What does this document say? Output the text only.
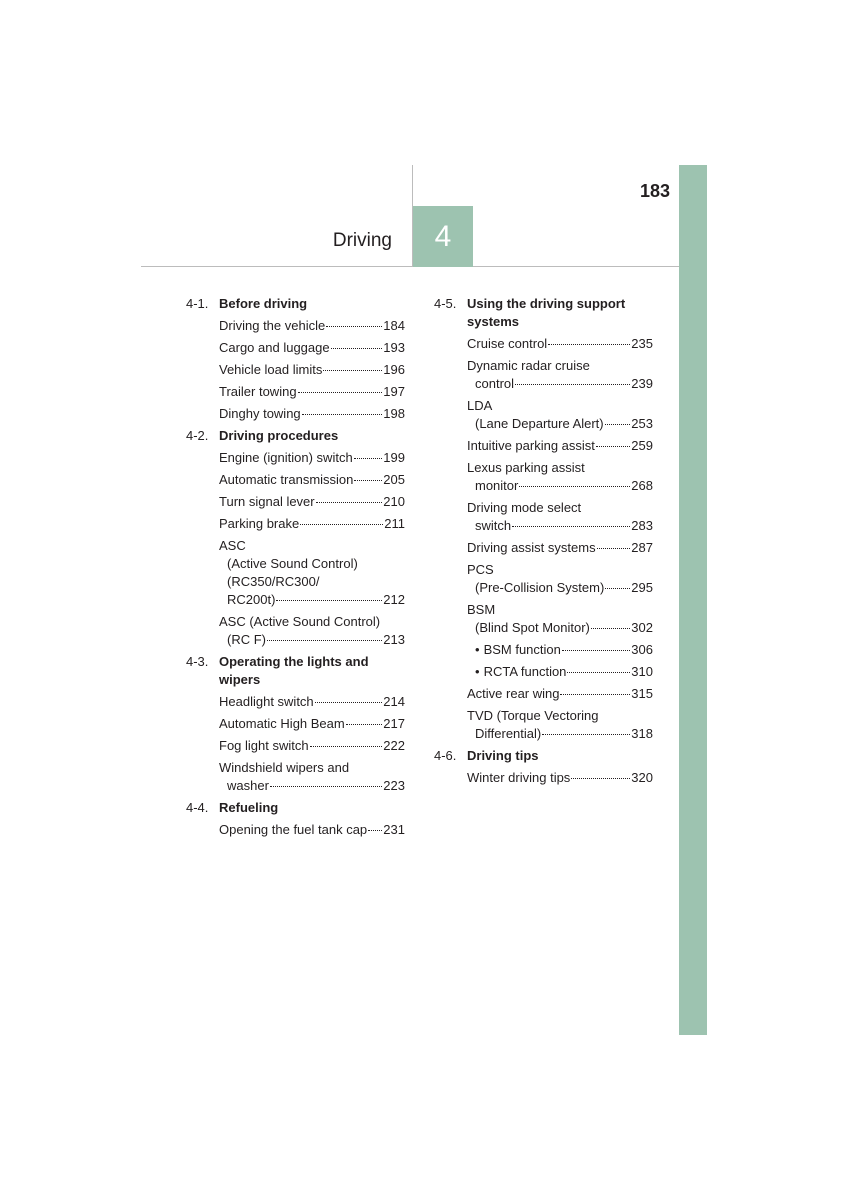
183
Driving	4
4-1. Before driving
Driving the vehicle	184
Cargo and luggage	193
Vehicle load limits	196
Trailer towing	197
Dinghy towing	198
4-2. Driving procedures
Engine (ignition) switch 199
Automatic transmission 205
Turn signal lever	210
Parking brake	211
ASC
(Active Sound Control)
(RC350/RC300/
RC200t)	212
ASC (Active Sound Control)
(RC F)	213
4-3. Operating the lights and wipers
Headlight switch	214
Automatic High Beam	217
Fog light switch	222
Windshield wipers and
washer	223
4-4. Refueling
Opening the fuel tank cap 231
4-5. Using the driving support systems
Cruise control	235
Dynamic radar cruise
control	239
LDA
(Lane Departure Alert) 253
Intuitive parking assist	259
Lexus parking assist
monitor	268
Driving mode select
switch	283
Driving assist systems	287
PCS
(Pre-Collision System) 295
BSM
(Blind Spot Monitor)	302
• BSM function	306
• RCTA function	310
Active rear wing	315
TVD (Torque Vectoring
Differential)	318
4-6. Driving tips
Winter driving tips	320
